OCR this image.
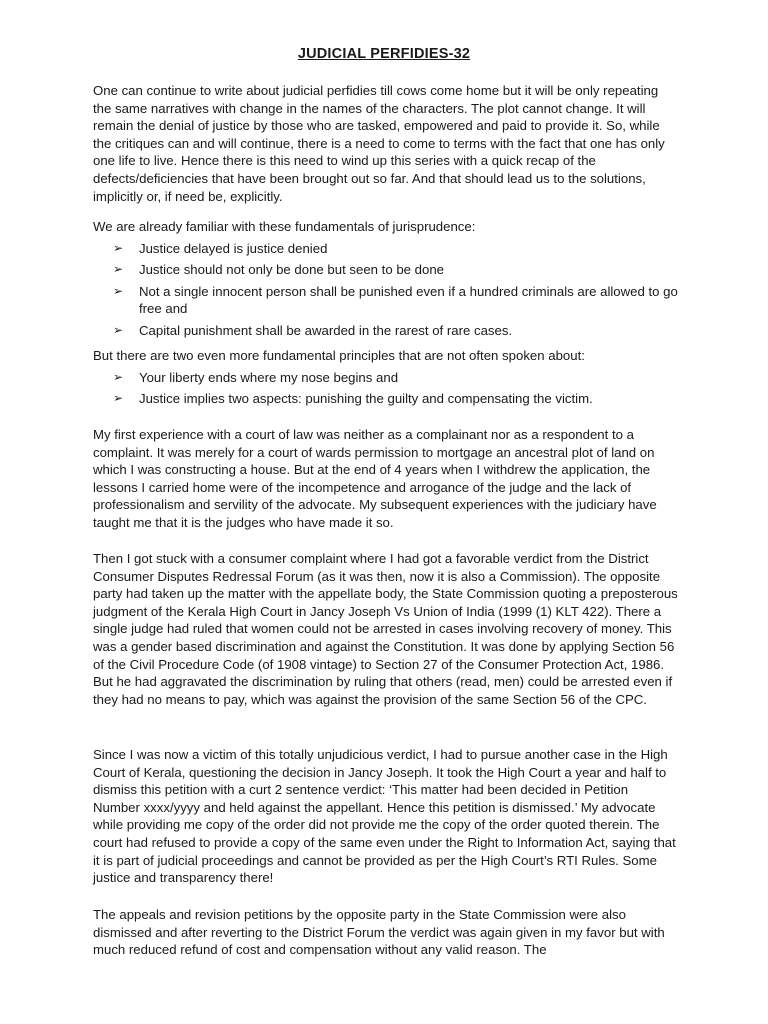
JUDICIAL PERFIDIES-32

One can continue to write about judicial perfidies till cows come home but it will be only repeating the same narratives with change in the names of the characters. The plot cannot change. It will remain the denial of justice by those who are tasked, empowered and paid to provide it. So, while the critiques can and will continue, there is a need to come to terms with the fact that one has only one life to live. Hence there is this need to wind up this series with a quick recap of the defects/deficiencies that have been brought out so far. And that should lead us to the solutions, implicitly or, if need be, explicitly.

We are already familiar with these fundamentals of jurisprudence:

➢ Justice delayed is justice denied
➢ Justice should not only be done but seen to be done
➢ Not a single innocent person shall be punished even if a hundred criminals are allowed to go free and
➢ Capital punishment shall be awarded in the rarest of rare cases.

But there are two even more fundamental principles that are not often spoken about:

➢ Your liberty ends where my nose begins and
➢ Justice implies two aspects: punishing the guilty and compensating the victim.

My first experience with a court of law was neither as a complainant nor as a respondent to a complaint. It was merely for a court of wards permission to mortgage an ancestral plot of land on which I was constructing a house. But at the end of 4 years when I withdrew the application, the lessons I carried home were of the incompetence and arrogance of the judge and the lack of professionalism and servility of the advocate. My subsequent experiences with the judiciary have taught me that it is the judges who have made it so.

Then I got stuck with a consumer complaint where I had got a favorable verdict from the District Consumer Disputes Redressal Forum (as it was then, now it is also a Commission). The opposite party had taken up the matter with the appellate body, the State Commission quoting a preposterous judgment of the Kerala High Court in Jancy Joseph Vs Union of India (1999 (1) KLT 422). There a single judge had ruled that women could not be arrested in cases involving recovery of money. This was a gender based discrimination and against the Constitution. It was done by applying Section 56 of the Civil Procedure Code (of 1908 vintage) to Section 27 of the Consumer Protection Act, 1986. But he had aggravated the discrimination by ruling that others (read, men) could be arrested even if they had no means to pay, which was against the provision of the same Section 56 of the CPC.

Since I was now a victim of this totally unjudicious verdict, I had to pursue another case in the High Court of Kerala, questioning the decision in Jancy Joseph. It took the High Court a year and half to dismiss this petition with a curt 2 sentence verdict: ‘This matter had been decided in Petition Number xxxx/yyyy and held against the appellant. Hence this petition is dismissed.’ My advocate while providing me copy of the order did not provide me the copy of the order quoted therein. The court had refused to provide a copy of the same even under the Right to Information Act, saying that it is part of judicial proceedings and cannot be provided as per the High Court’s RTI Rules. Some justice and transparency there!

The appeals and revision petitions by the opposite party in the State Commission were also dismissed and after reverting to the District Forum the verdict was again given in my favor but with much reduced refund of cost and compensation without any valid reason. The
